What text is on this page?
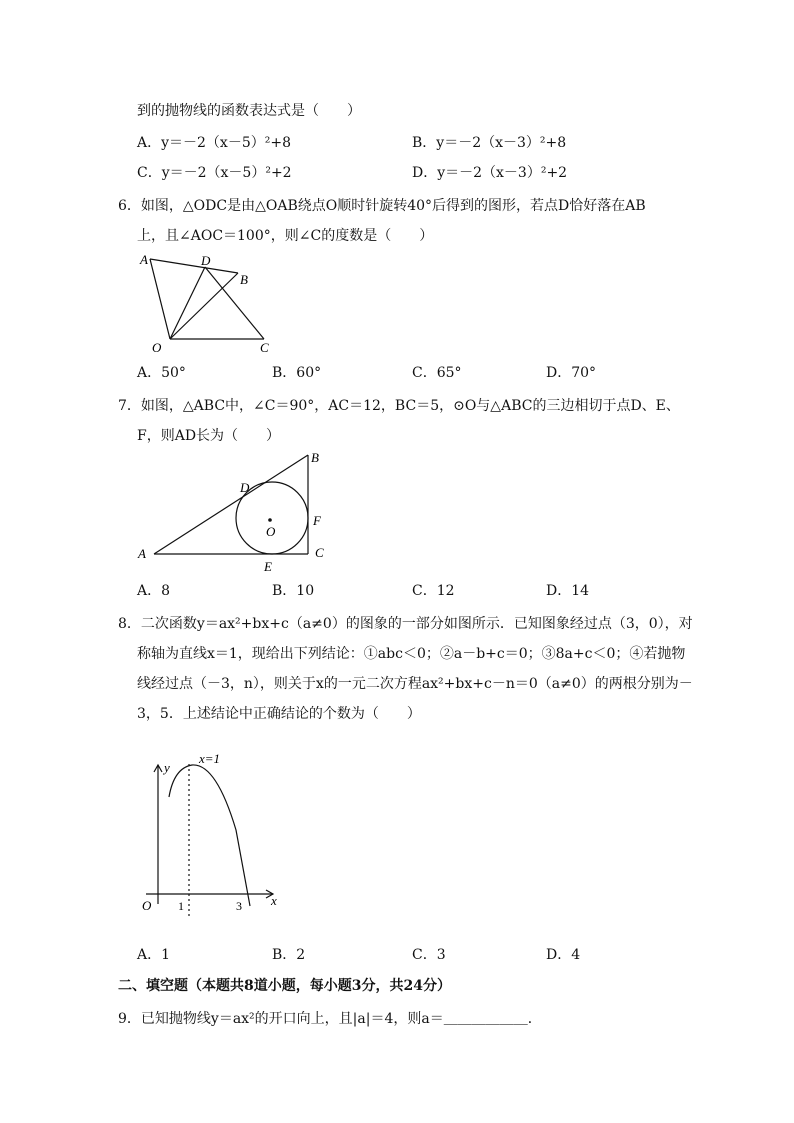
到的抛物线的函数表达式是（　　）
A．y＝－2（x－5）²+8	B．y＝－2（x－3）²+8
C．y＝－2（x－5）²+2	D．y＝－2（x－3）²+2
6．如图，△ODC是由△OAB绕点O顺时针旋转40°后得到的图形，若点D恰好落在AB
上，且∠AOC＝100°，则∠C的度数是（　　）
A	D
B
O	C
A
B
C
D
E
F
O
y
x
O 1	3
x=1
A．50°	B．60°	C．65°	D．70°
7．如图，△ABC中，∠C＝90°，AC＝12，BC＝5，⊙O与△ABC的三边相切于点D、E、
F，则AD长为（　　）
A．8	B．10	C．12	D．14
8．二次函数y＝ax²+bx+c（a≠0）的图象的一部分如图所示．已知图象经过点（3，0），对
称轴为直线x＝1，现给出下列结论：①abc＜0；②a－b+c＝0；③8a+c＜0；④若抛物
线经过点（－3，n），则关于x的一元二次方程ax²+bx+c－n＝0（a≠0）的两根分别为－
3，5．上述结论中正确结论的个数为（　　）
A．1	B．2	C．3	D．4
二、填空题（本题共8道小题，每小题3分，共24分）
9．已知抛物线y＝ax²的开口向上，且|a|＝4，则a＝＿＿＿＿＿＿．
